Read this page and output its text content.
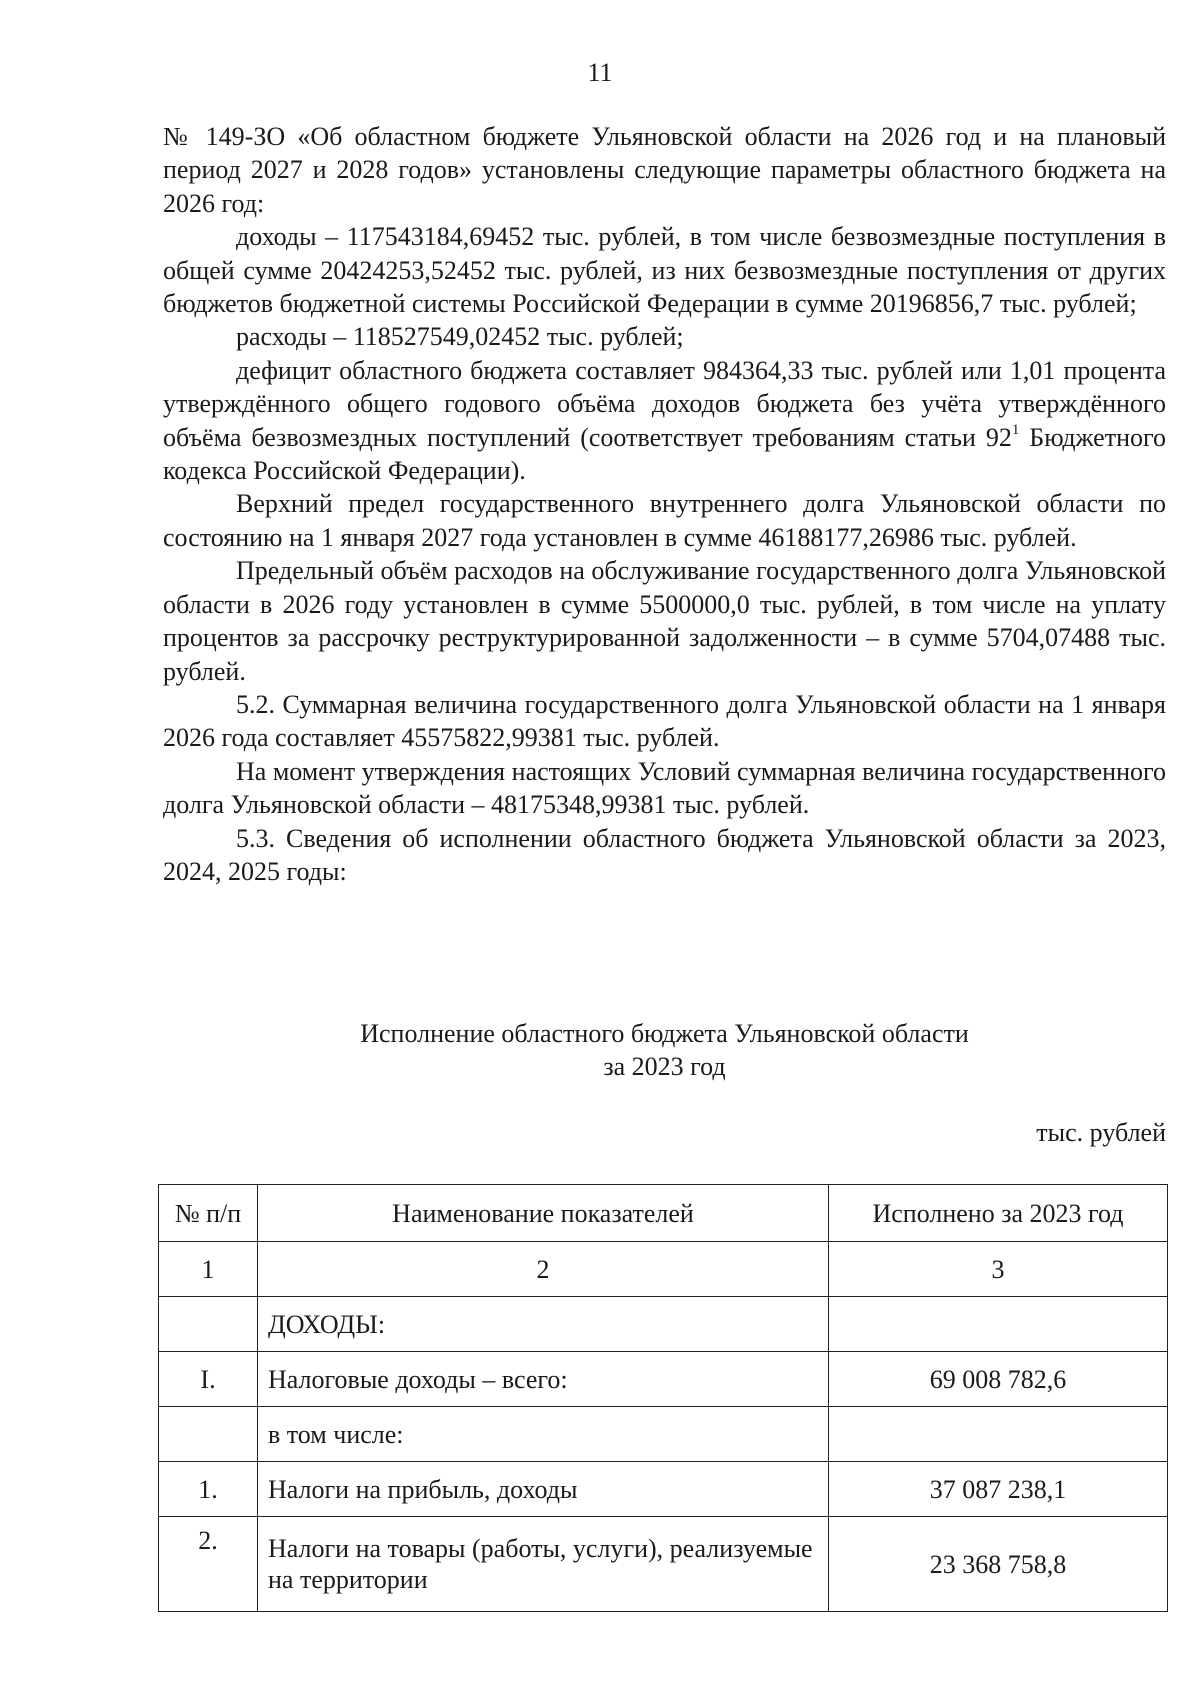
11

№ 149-ЗО «Об областном бюджете Ульяновской области на 2026 год и на плановый период 2027 и 2028 годов» установлены следующие параметры областного бюджета на 2026 год:

доходы – 117543184,69452 тыс. рублей, в том числе безвозмездные поступления в общей сумме 20424253,52452 тыс. рублей, из них безвозмездные поступления от других бюджетов бюджетной системы Российской Федерации в сумме 20196856,7 тыс. рублей;

расходы – 118527549,02452 тыс. рублей;

дефицит областного бюджета составляет 984364,33 тыс. рублей или 1,01 процента утверждённого общего годового объёма доходов бюджета без учёта утверждённого объёма безвозмездных поступлений (соответствует требованиям статьи $92^1$ Бюджетного кодекса Российской Федерации).

Верхний предел государственного внутреннего долга Ульяновской области по состоянию на 1 января 2027 года установлен в сумме 46188177,26986 тыс. рублей.

Предельный объём расходов на обслуживание государственного долга Ульяновской области в 2026 году установлен в сумме 5500000,0 тыс. рублей, в том числе на уплату процентов за рассрочку реструктурированной задолженности – в сумме 5704,07488 тыс. рублей.

5.2. Суммарная величина государственного долга Ульяновской области на 1 января 2026 года составляет 45575822,99381 тыс. рублей.

На момент утверждения настоящих Условий суммарная величина государственного долга Ульяновской области – 48175348,99381 тыс. рублей.

5.3. Сведения об исполнении областного бюджета Ульяновской области за 2023, 2024, 2025 годы:

Исполнение областного бюджета Ульяновской области
за 2023 год
тыс. рублей
№ п/п	Наименование показателей	Исполнено за 2023 год
1	2	3
	ДОХОДЫ:	
I.	Налоговые доходы – всего:	69 008 782,6
	в том числе:	
1.	Налоги на прибыль, доходы	37 087 238,1
2.	Налоги на товары (работы, услуги), реализуемые на территории	23 368 758,8
